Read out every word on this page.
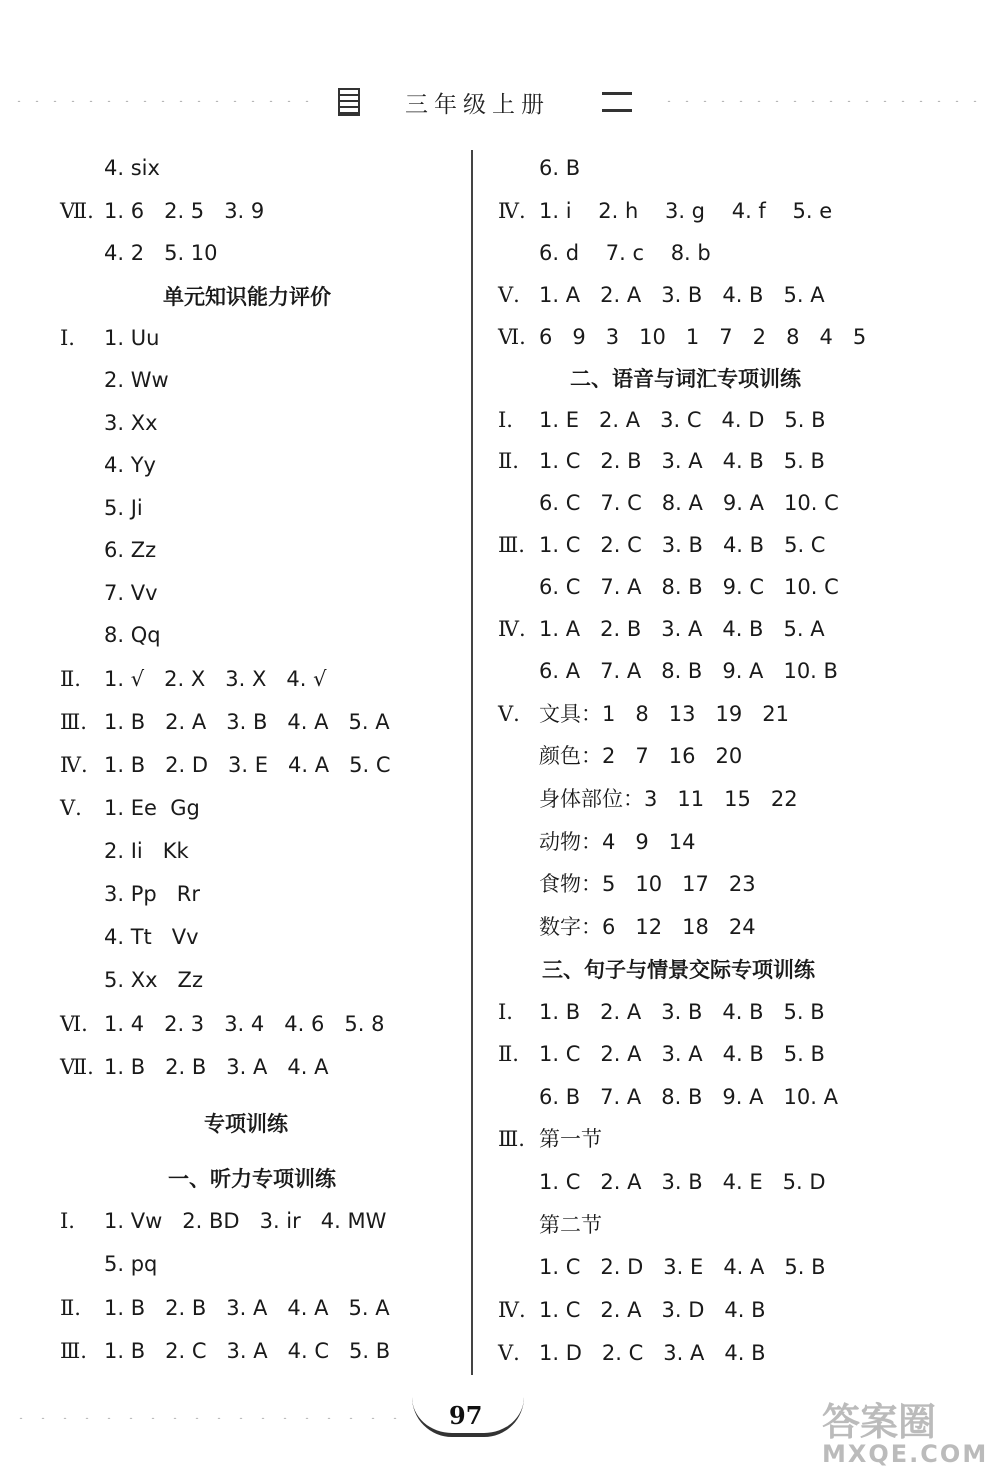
三年级上册
4. six
Ⅶ. 1. 6   2. 5   3. 9
4. 2   5. 10
单元知识能力评价
Ⅰ.	1. Uu
2. Ww
3. Xx
4. Yy
5. Ji
6. Zz
7. Vv
8. Qq
Ⅱ.	1. √   2. X   3. X   4. √
Ⅲ. 1. B   2. A   3. B   4. A   5. A
Ⅳ. 1. B   2. D   3. E   4. A   5. C
Ⅴ.	1. Ee  Gg
2. Ii   Kk
3. Pp   Rr
4. Tt   Vv
5. Xx   Zz
Ⅵ. 1. 4   2. 3   3. 4   4. 6   5. 8
Ⅶ. 1. B   2. B   3. A   4. A
专项训练
一、听力专项训练
Ⅰ.	1. Vw   2. BD   3. ir   4. MW
5. pq
Ⅱ.	1. B   2. B   3. A   4. A   5. A
Ⅲ. 1. B   2. C   3. A   4. C   5. B
6. B
Ⅳ. 1. i    2. h    3. g    4. f    5. e
6. d    7. c    8. b
Ⅴ. 1. A   2. A   3. B   4. B   5. A
Ⅵ. 6   9   3   10   1   7   2   8   4   5
二、语音与词汇专项训练
Ⅰ.	1. E   2. A   3. C   4. D   5. B
Ⅱ. 1. C   2. B   3. A   4. B   5. B
6. C   7. C   8. A   9. A   10. C
Ⅲ. 1. C   2. C   3. B   4. B   5. C
6. C   7. A   8. B   9. C   10. C
Ⅳ. 1. A   2. B   3. A   4. B   5. A
6. A   7. A   8. B   9. A   10. B
Ⅴ. 文具：1   8   13   19   21
颜色：2   7   16   20
身体部位：3   11   15   22
动物：4   9   14
食物：5   10   17   23
数字：6   12   18   24
三、句子与情景交际专项训练
Ⅰ.	1. B   2. A   3. B   4. B   5. B
Ⅱ. 1. C   2. A   3. A   4. B   5. B
6. B   7. A   8. B   9. A   10. A
Ⅲ. 第一节
1. C   2. A   3. B   4. E   5. D
第二节
1. C   2. D   3. E   4. A   5. B
Ⅳ. 1. C   2. A   3. D   4. B
Ⅴ. 1. D   2. C   3. A   4. B
97	答案圈
MXQE.COM
